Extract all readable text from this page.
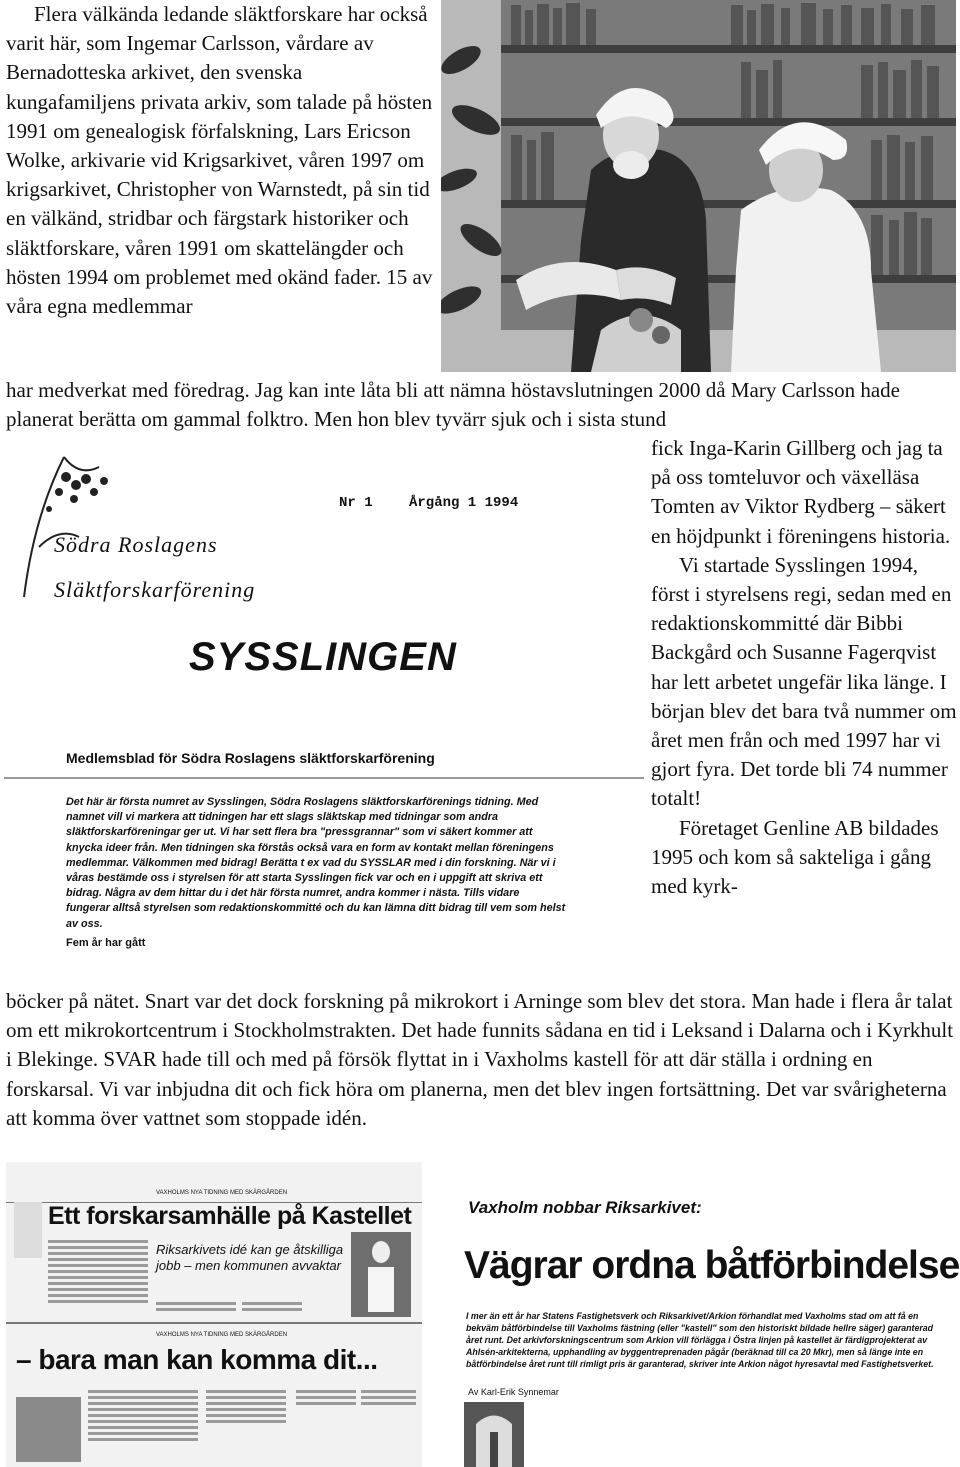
Flera välkända ledande släktforskare har också varit här, som Ingemar Carlsson, vårdare av Bernadotteska arkivet, den svenska kungafamiljens privata arkiv, som talade på hösten 1991 om genealogisk förfalskning, Lars Ericson Wolke, arkivarie vid Krigsarkivet, våren 1997 om krigsarkivet, Christopher von Warnstedt, på sin tid en välkänd, stridbar och färgstark historiker och släktforskare, våren 1991 om skattelängder och hösten 1994 om problemet med okänd fader. 15 av våra egna medlemmar

har medverkat med föredrag. Jag kan inte låta bli att nämna höstavslutningen 2000 då Mary Carlsson hade planerat berätta om gammal folktro. Men hon blev tyvärr sjuk och i sista stund

Nr 1	Årgång 1 1994
Södra Roslagens
Släktforskarförening
SYSSLINGEN
Medlemsblad för Södra Roslagens släktforskarförening
Det här är första numret av Sysslingen, Södra Roslagens släktforskarförenings tidning. Med namnet vill vi markera att tidningen har ett slags släktskap med tidningar som andra släktforskarföreningar ger ut. Vi har sett flera bra "pressgrannar" som vi säkert kommer att knycka ideer från. Men tidningen ska förstås också vara en form av kontakt mellan föreningens medlemmar. Välkommen med bidrag! Berätta t ex vad du SYSSLAR med i din forskning. När vi i våras bestämde oss i styrelsen för att starta Sysslingen fick var och en i uppgift att skriva ett bidrag. Några av dem hittar du i det här första numret, andra kommer i nästa. Tills vidare fungerar alltså styrelsen som redaktionskommitté och du kan lämna ditt bidrag till vem som helst av oss.
Fem år har gått

fick Inga-Karin Gillberg och jag ta på oss tomteluvor och växelläsa Tomten av Viktor Rydberg – säkert en höjdpunkt i föreningens historia.

Vi startade Sysslingen 1994, först i styrelsens regi, sedan med en redaktionskommitté där Bibbi Backgård och Susanne Fagerqvist har lett arbetet ungefär lika länge. I början blev det bara två nummer om året men från och med 1997 har vi gjort fyra. Det torde bli 74 nummer totalt!

Företaget Genline AB bildades 1995 och kom så sakteliga i gång med kyrk-

böcker på nätet. Snart var det dock forskning på mikrokort i Arninge som blev det stora. Man hade i flera år talat om ett mikrokortcentrum i Stockholmstrakten. Det hade funnits sådana en tid i Leksand i Dalarna och i Kyrkhult i Blekinge. SVAR hade till och med på försök flyttat in i Vaxholms kastell för att där ställa i ordning en forskarsal. Vi var inbjudna dit och fick höra om planerna, men det blev ingen fortsättning. Det var svårigheterna att komma över vattnet som stoppade idén.

VAXHOLMS NYA TIDNING MED SKÄRGÅRDEN
Ett forskarsamhälle på Kastellet
Riksarkivets idé kan ge åtskilliga jobb – men kommunen avvaktar
VAXHOLMS NYA TIDNING MED SKÄRGÅRDEN
– bara man kan komma dit...
Vaxholm nobbar Riksarkivet:
Vägrar ordna båtförbindelse
I mer än ett år har Statens Fastighetsverk och Riksarkivet/Arkion förhandlat med Vaxholms stad om att få en bekväm båtförbindelse till Vaxholms fästning (eller "kastell" som den historiskt bildade hellre säger) garanterad året runt. Det arkivforskningscentrum som Arkion vill förlägga i Östra linjen på kastellet är färdigprojekterat av Ahlsén-arkitekterna, upphandling av byggentreprenaden pågår (beräknad till ca 20 Mkr), men så länge inte en båtförbindelse året runt till rimligt pris är garanterad, skriver inte Arkion något hyresavtal med Fastighetsverket.
Av Karl-Erik Synnemar
